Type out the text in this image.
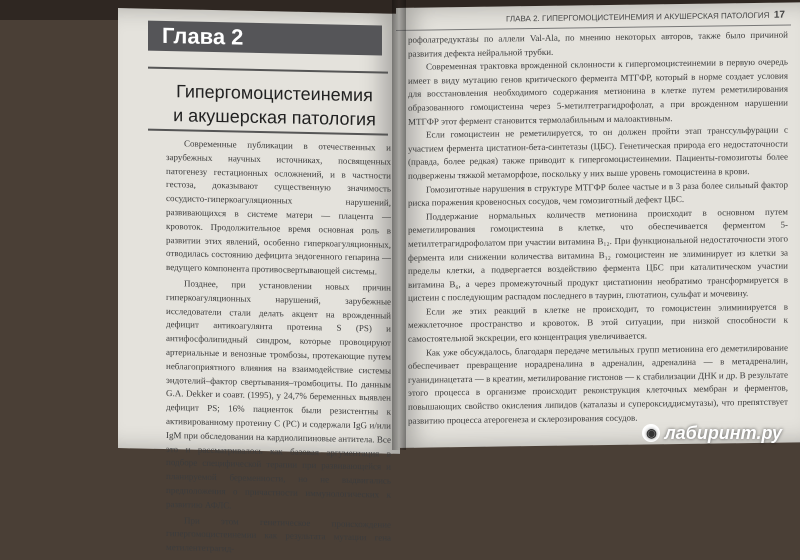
Глава 2
Гипергомоцистеинемия
и акушерская патология

Современные публикации в отечественных и зарубежных научных источниках, посвященных патогенезу гестационных осложнений, и в частности гестоза, доказывают существенную значимость сосудисто-гиперкоагуляционных нарушений, развивающихся в системе матери — плацента — кровоток. Продолжительное время основная роль в развитии этих явлений, особенно гиперкоагуляционных, отводилась состоянию дефицита эндогенного гепарина — ведущего компонента противосвертывающей системы.

Позднее, при установлении новых причин гиперкоагуляционных нарушений, зарубежные исследователи стали делать акцент на врожденный дефицит антикоагулянта протеина S (PS) и антифосфолипидный синдром, которые провоцируют артериальные и венозные тромбозы, протекающие путем неблагоприятного влияния на взаимодействие системы эндотелий–фактор свертывания–тромбоциты. По данным G.A. Dekker и соавт. (1995), у 24,7% беременных выявлен дефицит PS; 16% пациенток были резистентны к активированному протеину C (PC) и содержали IgG и/или IgM при обследовании на кардиолипиновые антитела. Все это и рассматривалось как базовая аргументация в подборе специфической терапии при развивающейся и планируемой беременности, но не выдвигались предположения о причастности иммунологических к развитию АФЛС.

При этом генетическое происхождение гипергомоцистеинемии как результата мутации гена метилентетрагид-

ГЛАВА 2. ГИПЕРГОМОЦИСТЕИНЕМИЯ И АКУШЕРСКАЯ ПАТОЛОГИЯ 17

рофолатредуктазы по аллели Val-Ala, по мнению некоторых авторов, также было причиной развития дефекта нейральной трубки.

Современная трактовка врожденной склонности к гипергомоцистеинемии в первую очередь имеет в виду мутацию генов критического фермента МТГФР, который в норме создает условия для восстановления необходимого содержания метионина в клетке путем реметилирования образованного гомоцистеина через 5-метилтетрагидрофолат, а при врожденном нарушении МТГФР этот фермент становится термолабильным и малоактивным.

Если гомоцистеин не реметилируется, то он должен пройти этап транссульфурации с участием фермента цистатион-бета-синтетазы (ЦБС). Генетическая природа его недостаточности (правда, более редкая) также приводит к гипергомоцистеинемии. Пациенты-гомозиготы более подвержены тяжкой метаморфозе, поскольку у них выше уровень гомоцистеина в крови.

Гомозиготные нарушения в структуре МТГФР более частые и в 3 раза более сильный фактор риска поражения кровеносных сосудов, чем гомозиготный дефект ЦБС.

Поддержание нормальных количеств метионина происходит в основном путем реметилирования гомоцистеина в клетке, что обеспечивается ферментом 5-метилтетрагидрофолатом при участии витамина B₁₂. При функциональной недостаточности этого фермента или снижении количества витамина B₁₂ гомоцистеин не элиминирует из клетки за пределы клетки, а подвергается воздействию фермента ЦБС при каталитическом участии витамина B₆, а через промежуточный продукт цистатионин необратимо трансформируется в цистеин с последующим распадом последнего в таурин, глютатион, сульфат и мочевину.

Если же этих реакций в клетке не происходит, то гомоцистеин элиминируется в межклеточное пространство и кровоток. В этой ситуации, при низкой способности к самостоятельной экскреции, его концентрация увеличивается.

Как уже обсуждалось, благодаря передаче метильных групп метионина его деметилирование обеспечивает превращение норадреналина в адреналин, адреналина — в метадреналин, гуанидинацетата — в креатин, метилирование гистонов — к стабилизации ДНК и др. В результате этого процесса в организме происходит реконструкция клеточных мембран и ферментов, повышающих свойство окисления липидов (каталазы и супероксиддисмутазы), что препятствует развитию процесса атерогенеза и склерозирования сосудов.

◉ лабиринт.ру
